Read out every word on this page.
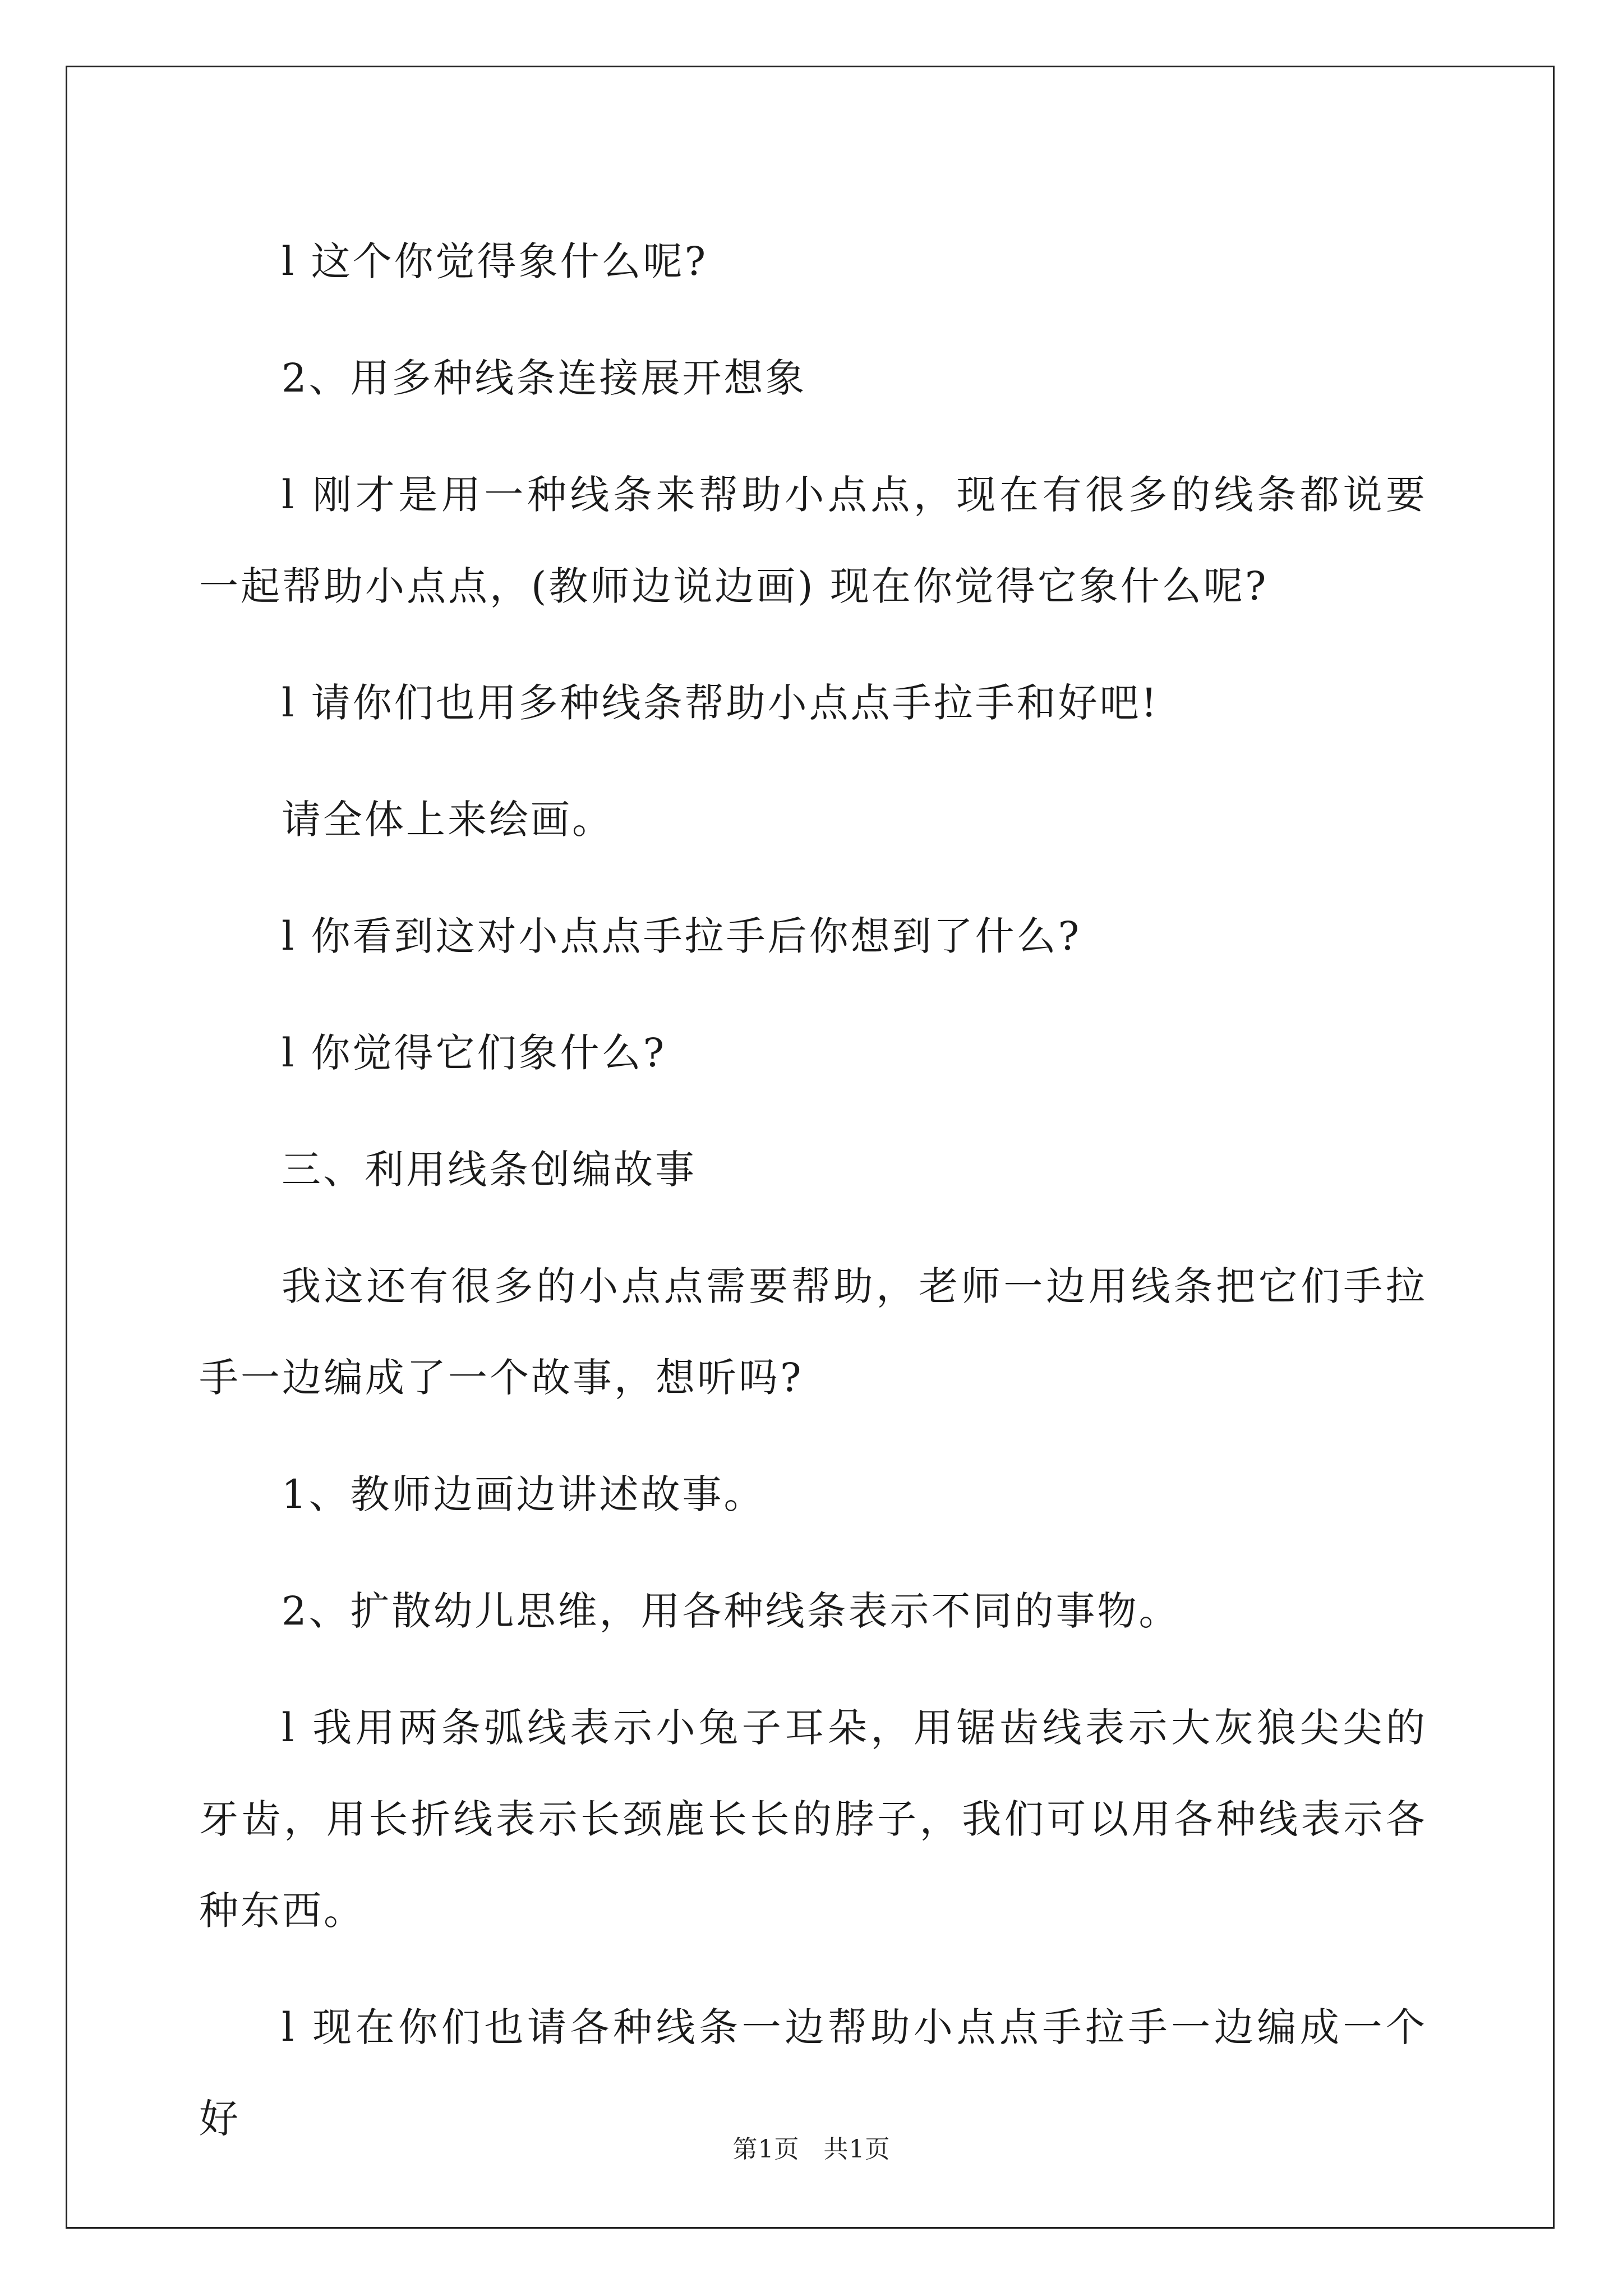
l 这个你觉得象什么呢?

2、用多种线条连接展开想象

l 刚才是用一种线条来帮助小点点，现在有很多的线条都说要一起帮助小点点，(教师边说边画) 现在你觉得它象什么呢?

l 请你们也用多种线条帮助小点点手拉手和好吧!

请全体上来绘画。

l 你看到这对小点点手拉手后你想到了什么?

l 你觉得它们象什么?

三、利用线条创编故事

我这还有很多的小点点需要帮助，老师一边用线条把它们手拉手一边编成了一个故事，想听吗?

1、教师边画边讲述故事。

2、扩散幼儿思维，用各种线条表示不同的事物。

l 我用两条弧线表示小兔子耳朵，用锯齿线表示大灰狼尖尖的牙齿，用长折线表示长颈鹿长长的脖子，我们可以用各种线表示各种东西。

l 现在你们也请各种线条一边帮助小点点手拉手一边编成一个好

第1页 共1页
